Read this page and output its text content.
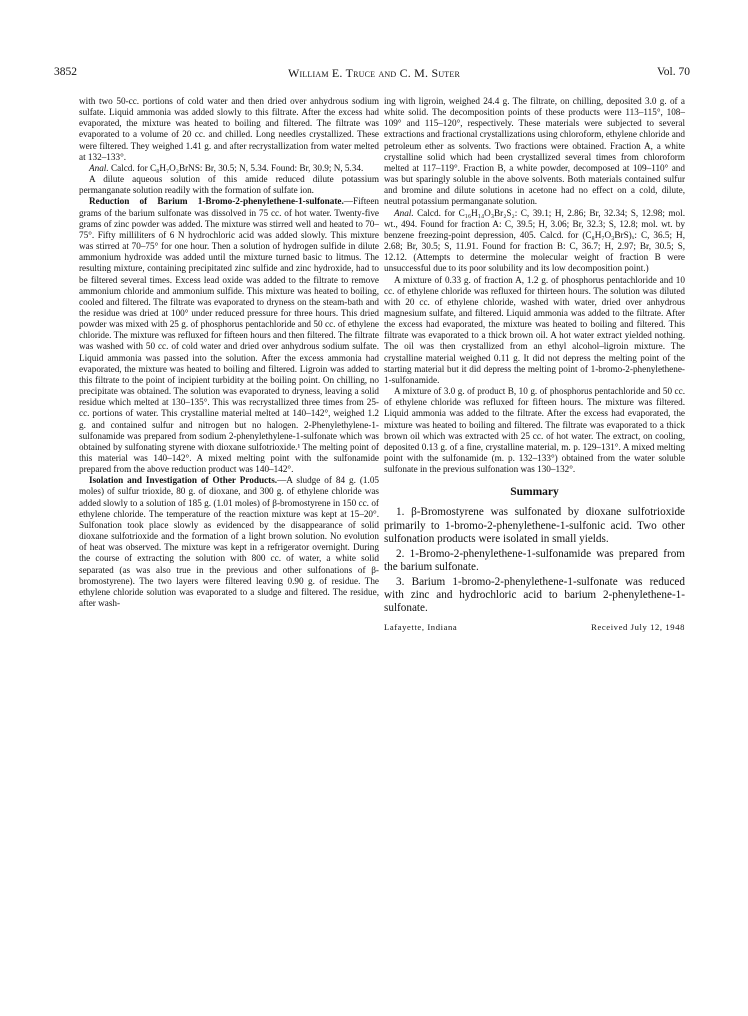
3852	William E. Truce and C. M. Suter	Vol. 70

with two 50-cc. portions of cold water and then dried over anhydrous sodium sulfate. Liquid ammonia was added slowly to this filtrate. After the excess had evaporated, the mixture was heated to boiling and filtered. The filtrate was evaporated to a volume of 20 cc. and chilled. Long needles crystallized. These were filtered. They weighed 1.41 g. and after recrystallization from water melted at 132–133°.

Anal. Calcd. for C₈H₇O₂BrNS: Br, 30.5; N, 5.34. Found: Br, 30.9; N, 5.34.

A dilute aqueous solution of this amide reduced dilute potassium permanganate solution readily with the formation of sulfate ion.

Reduction of Barium 1-Bromo-2-phenylethene-1-sulfonate.—Fifteen grams of the barium sulfonate was dissolved in 75 cc. of hot water. Twenty-five grams of zinc powder was added. The mixture was stirred well and heated to 70–75°. Fifty milliliters of 6 N hydrochloric acid was added slowly. This mixture was stirred at 70–75° for one hour. Then a solution of hydrogen sulfide in dilute ammonium hydroxide was added until the mixture turned basic to litmus. The resulting mixture, containing precipitated zinc sulfide and zinc hydroxide, had to be filtered several times. Excess lead oxide was added to the filtrate to remove ammonium chloride and ammonium sulfide. This mixture was heated to boiling, cooled and filtered. The filtrate was evaporated to dryness on the steam-bath and the residue was dried at 100° under reduced pressure for three hours. This dried powder was mixed with 25 g. of phosphorus pentachloride and 50 cc. of ethylene chloride. The mixture was refluxed for fifteen hours and then filtered. The filtrate was washed with 50 cc. of cold water and dried over anhydrous sodium sulfate. Liquid ammonia was passed into the solution. After the excess ammonia had evaporated, the mixture was heated to boiling and filtered. Ligroin was added to this filtrate to the point of incipient turbidity at the boiling point. On chilling, no precipitate was obtained. The solution was evaporated to dryness, leaving a solid residue which melted at 130–135°. This was recrystallized three times from 25-cc. portions of water. This crystalline material melted at 140–142°, weighed 1.2 g. and contained sulfur and nitrogen but no halogen. 2-Phenylethylene-1-sulfonamide was prepared from sodium 2-phenylethylene-1-sulfonate which was obtained by sulfonating styrene with dioxane sulfotrioxide.¹ The melting point of this material was 140–142°. A mixed melting point with the sulfonamide prepared from the above reduction product was 140–142°.

Isolation and Investigation of Other Products.—A sludge of 84 g. (1.05 moles) of sulfur trioxide, 80 g. of dioxane, and 300 g. of ethylene chloride was added slowly to a solution of 185 g. (1.01 moles) of β-bromostyrene in 150 cc. of ethylene chloride. The temperature of the reaction mixture was kept at 15–20°. Sulfonation took place slowly as evidenced by the disappearance of solid dioxane sulfotrioxide and the formation of a light brown solution. No evolution of heat was observed. The mixture was kept in a refrigerator overnight. During the course of extracting the solution with 800 cc. of water, a white solid separated (as was also true in the previous and other sulfonations of β-bromostyrene). The two layers were filtered leaving 0.90 g. of residue. The ethylene chloride solution was evaporated to a sludge and filtered. The residue, after wash-

ing with ligroin, weighed 24.4 g. The filtrate, on chilling, deposited 3.0 g. of a white solid. The decomposition points of these products were 113–115°, 108–109° and 115–120°, respectively. These materials were subjected to several extractions and fractional crystallizations using chloroform, ethylene chloride and petroleum ether as solvents. Two fractions were obtained. Fraction A, a white crystalline solid which had been crystallized several times from chloroform melted at 117–119°. Fraction B, a white powder, decomposed at 109–110° and was but sparingly soluble in the above solvents. Both materials contained sulfur and bromine and dilute solutions in acetone had no effect on a cold, dilute, neutral potassium permanganate solution.

Anal. Calcd. for C₁₆H₁₄O₃Br₂S₂: C, 39.1; H, 2.86; Br, 32.34; S, 12.98; mol. wt., 494. Found for fraction A: C, 39.5; H, 3.06; Br, 32.3; S, 12.8; mol. wt. by benzene freezing-point depression, 405. Calcd. for (C₈H₇O₃BrS)ₓ: C, 36.5; H, 2.68; Br, 30.5; S, 11.91. Found for fraction B: C, 36.7; H, 2.97; Br, 30.5; S, 12.12. (Attempts to determine the molecular weight of fraction B were unsuccessful due to its poor solubility and its low decomposition point.)

A mixture of 0.33 g. of fraction A, 1.2 g. of phosphorus pentachloride and 10 cc. of ethylene chloride was refluxed for thirteen hours. The solution was diluted with 20 cc. of ethylene chloride, washed with water, dried over anhydrous magnesium sulfate, and filtered. Liquid ammonia was added to the filtrate. After the excess had evaporated, the mixture was heated to boiling and filtered. This filtrate was evaporated to a thick brown oil. A hot water extract yielded nothing. The oil was then crystallized from an ethyl alcohol–ligroin mixture. The crystalline material weighed 0.11 g. It did not depress the melting point of the starting material but it did depress the melting point of 1-bromo-2-phenylethene-1-sulfonamide.

A mixture of 3.0 g. of product B, 10 g. of phosphorus pentachloride and 50 cc. of ethylene chloride was refluxed for fifteen hours. The mixture was filtered. Liquid ammonia was added to the filtrate. After the excess had evaporated, the mixture was heated to boiling and filtered. The filtrate was evaporated to a thick brown oil which was extracted with 25 cc. of hot water. The extract, on cooling, deposited 0.13 g. of a fine, crystalline material, m. p. 129–131°. A mixed melting point with the sulfonamide (m. p. 132–133°) obtained from the water soluble sulfonate in the previous sulfonation was 130–132°.

Summary

1. β-Bromostyrene was sulfonated by dioxane sulfotrioxide primarily to 1-bromo-2-phenylethene-1-sulfonic acid. Two other sulfonation products were isolated in small yields.

2. 1-Bromo-2-phenylethene-1-sulfonamide was prepared from the barium sulfonate.

3. Barium 1-bromo-2-phenylethene-1-sulfonate was reduced with zinc and hydrochloric acid to barium 2-phenylethene-1-sulfonate.

Lafayette, Indiana	Received July 12, 1948
